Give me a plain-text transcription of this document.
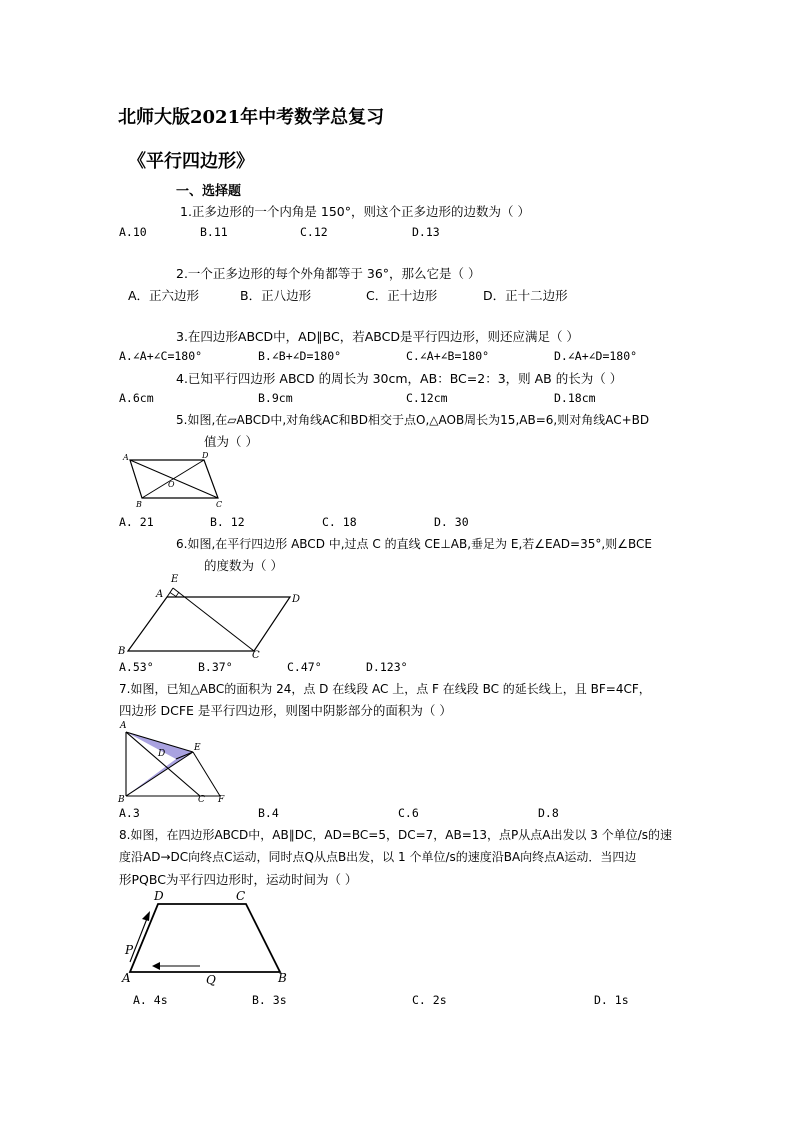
北师大版2021年中考数学总复习
《平行四边形》
一、选择题
1.正多边形的一个内角是 150°，则这个正多边形的边数为（ ）
A.10	B.11	C.12	D.13
2.一个正多边形的每个外角都等于 36°，那么它是（ ）
A．正六边形	B．正八边形	C．正十边形	D．正十二边形
3.在四边形ABCD中，AD∥BC，若ABCD是平行四边形，则还应满足（ ）
A.∠A+∠C=180°	B.∠B+∠D=180°	C.∠A+∠B=180°	D.∠A+∠D=180°
4.已知平行四边形 ABCD 的周长为 30cm，AB：BC=2：3，则 AB 的长为（ ）
A.6cm	B.9cm	C.12cm	D.18cm
5.如图,在▱ABCD中,对角线AC和BD相交于点O,△AOB周长为15,AB=6,则对角线AC+BD
值为（ ）
A	D
O
B	C
A. 21	B. 12	C. 18	D. 30
6.如图,在平行四边形 ABCD 中,过点 C 的直线 CE⊥AB,垂足为 E,若∠EAD=35°,则∠BCE
的度数为（ ）
E
A	D
B	C
A.53°	B.37°	C.47°	D.123°
7.如图，已知△ABC的面积为 24，点 D 在线段 AC 上，点 F 在线段 BC 的延长线上，且 BF=4CF，
四边形 DCFE 是平行四边形，则图中阴影部分的面积为（ ）
A
D
E
B	C F
A.3	B.4	C.6	D.8
8.如图，在四边形ABCD中，AB∥DC，AD=BC=5，DC=7，AB=13，点P从点A出发以 3 个单位/s的速
度沿AD→DC向终点C运动，同时点Q从点B出发，以 1 个单位/s的速度沿BA向终点A运动．当四边
形PQBC为平行四边形时，运动时间为（ ）
D	C
P
A	Q	B
A. 4s	B. 3s	C. 2s	D. 1s
